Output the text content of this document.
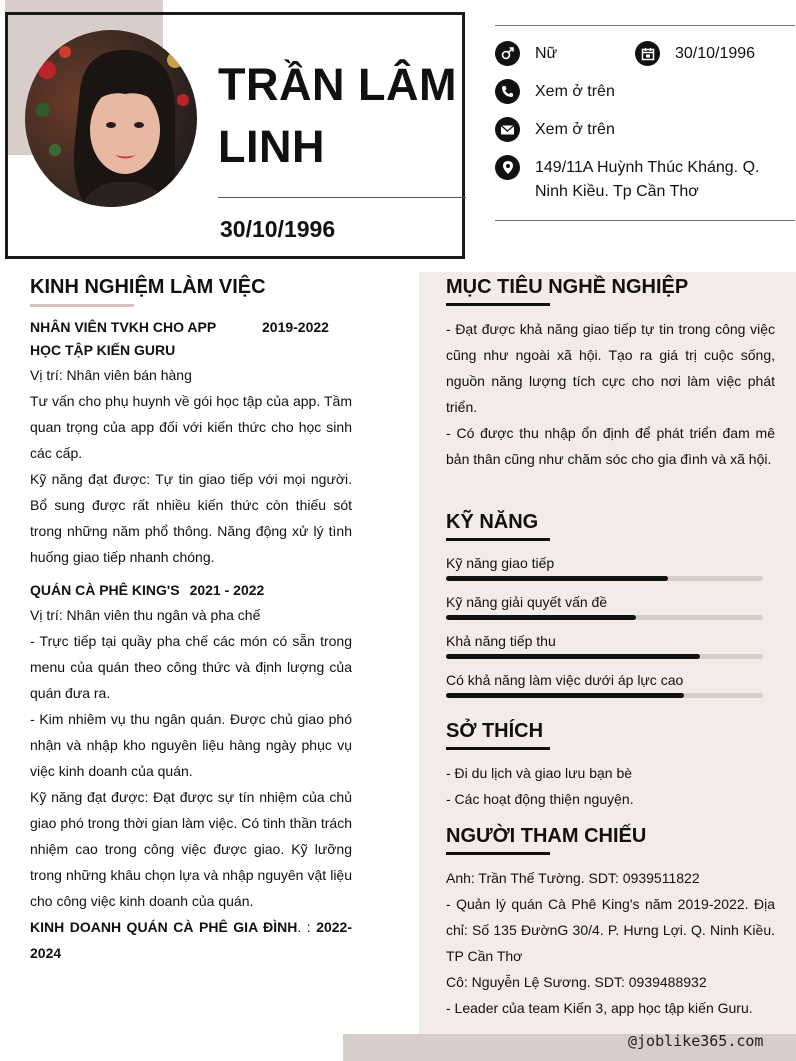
TRẦN LÂM LINH
30/10/1996
Nữ	30/10/1996
Xem ở trên
Xem ở trên
149/11A Huỳnh Thúc Kháng. Q. Ninh Kiều. Tp Cần Thơ
KINH NGHIỆM LÀM VIỆC
NHÂN VIÊN TVKH CHO APP HỌC TẬP KIẾN GURU
2019-2022

Vị trí: Nhân viên bán hàng

Tư vấn cho phụ huynh về gói học tập của app. Tầm quan trọng của app đối với kiến thức cho học sinh các cấp.

Kỹ năng đạt được: Tự tin giao tiếp với mọi người. Bổ sung được rất nhiều kiến thức còn thiếu sót trong những năm phổ thông. Năng động xử lý tình huống giao tiếp nhanh chóng.

QUÁN CÀ PHÊ KING'S 2021 - 2022

Vị trí: Nhân viên thu ngân và pha chế

- Trực tiếp tại quầy pha chế các món có sẵn trong menu của quán theo công thức và định lượng của quán đưa ra.

- Kim nhiêm vụ thu ngân quán. Được chủ giao phó nhận và nhập kho nguyên liệu hàng ngày phục vụ việc kinh doanh của quán.

Kỹ năng đạt được: Đạt được sự tín nhiệm của chủ giao phó trong thời gian làm việc. Có tinh thần trách nhiệm cao trong công việc được giao. Kỹ lưỡng trong những khâu chọn lựa và nhập nguyên vật liệu cho công việc kinh doanh của quán.

KINH DOANH QUÁN CÀ PHÊ GIA ĐÌNH. : 2022-2024

MỤC TIÊU NGHỀ NGHIỆP

- Đạt được khả năng giao tiếp tự tin trong công việc cũng như ngoài xã hội. Tạo ra giá trị cuộc sống, nguồn năng lượng tích cực cho nơi làm việc phát triển.

- Có được thu nhập ổn định để phát triển đam mê bản thân cũng như chăm sóc cho gia đình và xã hội.

KỸ NĂNG
Kỹ năng giao tiếp
Kỹ năng giải quyết vấn đề
Khả năng tiếp thu
Có khả năng làm việc dưới áp lực cao
SỞ THÍCH

- Đi du lịch và giao lưu bạn bè

- Các hoạt động thiện nguyện.

NGƯỜI THAM CHIẾU

Anh: Trần Thế Tường. SDT: 0939511822

- Quản lý quán Cà Phê King's năm 2019-2022. Địa chỉ: Số 135 ĐườnG 30/4. P. Hưng Lợi. Q. Ninh Kiều. TP Cần Thơ

Cô: Nguyễn Lệ Sương. SDT: 0939488932

- Leader của team Kiến 3, app học tập kiến Guru.

@joblike365.com
